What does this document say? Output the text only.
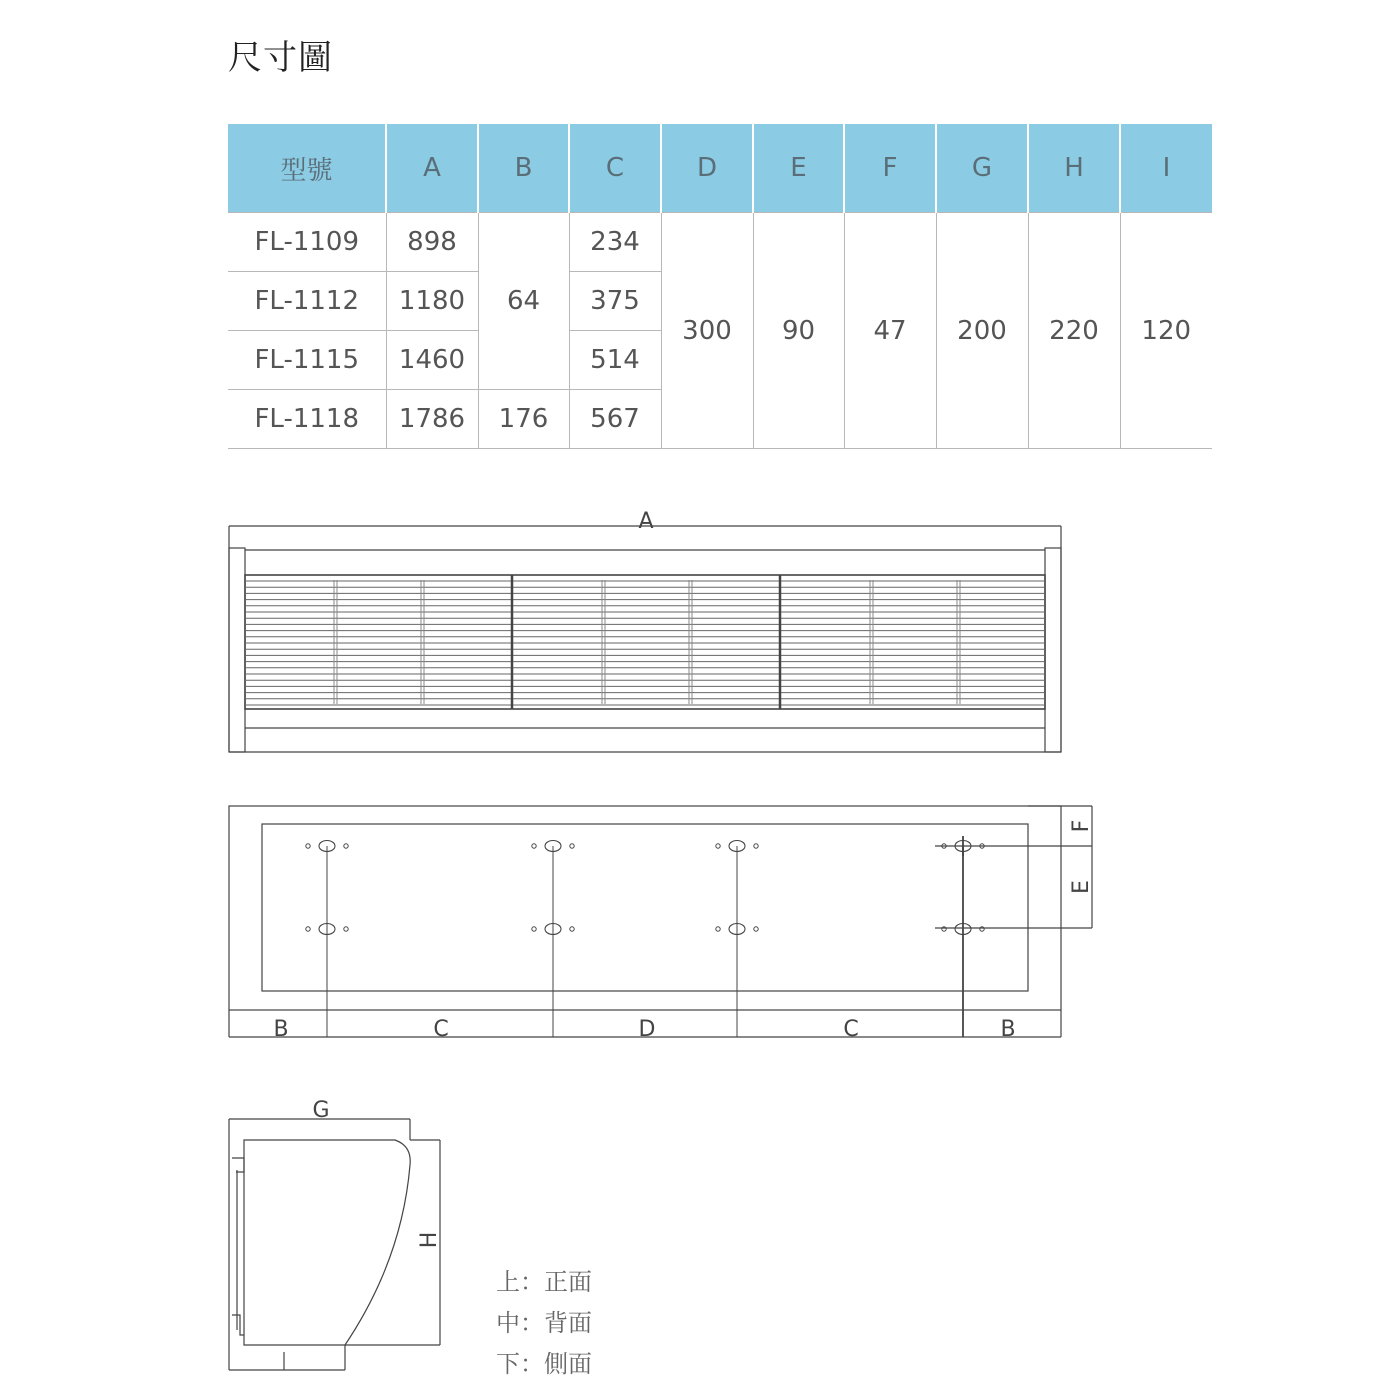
尺寸圖
型號	A	B	C	D	E	F	G	H	I
FL-1109	898	64	234	300	90	47	200	220	120
FL-1112	1180		375						
FL-1115	1460		514						
FL-1118	1786	176	567						
A
B	C	D	C	B
F
E
G
H
上：正面
中：背面
下：側面
